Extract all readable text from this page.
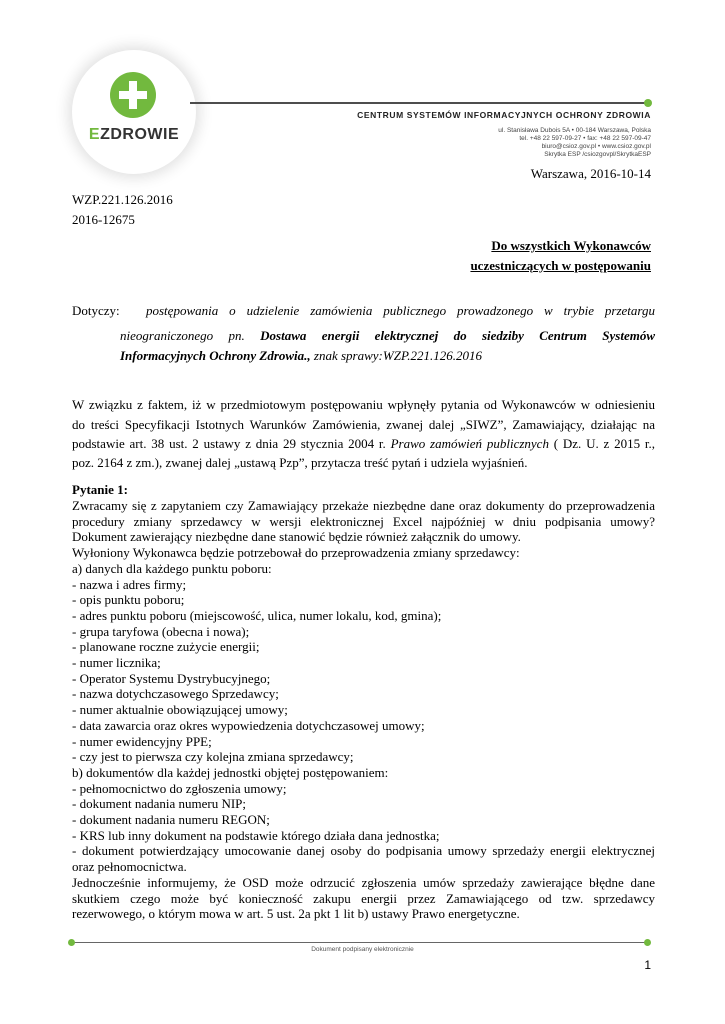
EZDROWIE
CENTRUM SYSTEMÓW INFORMACYJNYCH OCHRONY ZDROWIA
ul. Stanisława Dubois 5A • 00-184 Warszawa, Polska
tel. +48 22 597-09-27 • fax: +48 22 597-09-47
biuro@csioz.gov.pl • www.csioz.gov.pl
Skrytka ESP /csiozgovpl/SkrytkaESP
Warszawa, 2016-10-14
WZP.221.126.2016
2016-12675
Do wszystkich Wykonawców
uczestniczących w postępowaniu
Dotyczy: postępowania o udzielenie zamówienia publicznego prowadzonego w trybie przetargu
nieograniczonego pn. Dostawa energii elektrycznej do siedziby Centrum Systemów
Informacyjnych Ochrony Zdrowia., znak sprawy:WZP.221.126.2016
W związku z faktem, iż w przedmiotowym postępowaniu wpłynęły pytania od Wykonawców w odniesieniu
do treści Specyfikacji Istotnych Warunków Zamówienia, zwanej dalej „SIWZ”, Zamawiający, działając na
podstawie art. 38 ust. 2 ustawy z dnia 29 stycznia 2004 r. Prawo zamówień publicznych ( Dz. U. z 2015 r.,
poz. 2164 z zm.), zwanej dalej „ustawą Pzp”, przytacza treść pytań i udziela wyjaśnień.
Pytanie 1:
Zwracamy się z zapytaniem czy Zamawiający przekaże niezbędne dane oraz dokumenty do przeprowadzenia
procedury zmiany sprzedawcy w wersji elektronicznej Excel najpóźniej w dniu podpisania umowy?
Dokument zawierający niezbędne dane stanowić będzie również załącznik do umowy.
Wyłoniony Wykonawca będzie potrzebował do przeprowadzenia zmiany sprzedawcy:
a) danych dla każdego punktu poboru:
- nazwa i adres firmy;
- opis punktu poboru;
- adres punktu poboru (miejscowość, ulica, numer lokalu, kod, gmina);
- grupa taryfowa (obecna i nowa);
- planowane roczne zużycie energii;
- numer licznika;
- Operator Systemu Dystrybucyjnego;
- nazwa dotychczasowego Sprzedawcy;
- numer aktualnie obowiązującej umowy;
- data zawarcia oraz okres wypowiedzenia dotychczasowej umowy;
- numer ewidencyjny PPE;
- czy jest to pierwsza czy kolejna zmiana sprzedawcy;
b) dokumentów dla każdej jednostki objętej postępowaniem:
- pełnomocnictwo do zgłoszenia umowy;
- dokument nadania numeru NIP;
- dokument nadania numeru REGON;
- KRS lub inny dokument na podstawie którego działa dana jednostka;
- dokument potwierdzający umocowanie danej osoby do podpisania umowy sprzedaży energii elektrycznej
oraz pełnomocnictwa.
Jednocześnie informujemy, że OSD może odrzucić zgłoszenia umów sprzedaży zawierające błędne dane
skutkiem czego może być konieczność zakupu energii przez Zamawiającego od tzw. sprzedawcy
rezerwowego, o którym mowa w art. 5 ust. 2a pkt 1 lit b) ustawy Prawo energetyczne.
Dokument podpisany elektronicznie
1
